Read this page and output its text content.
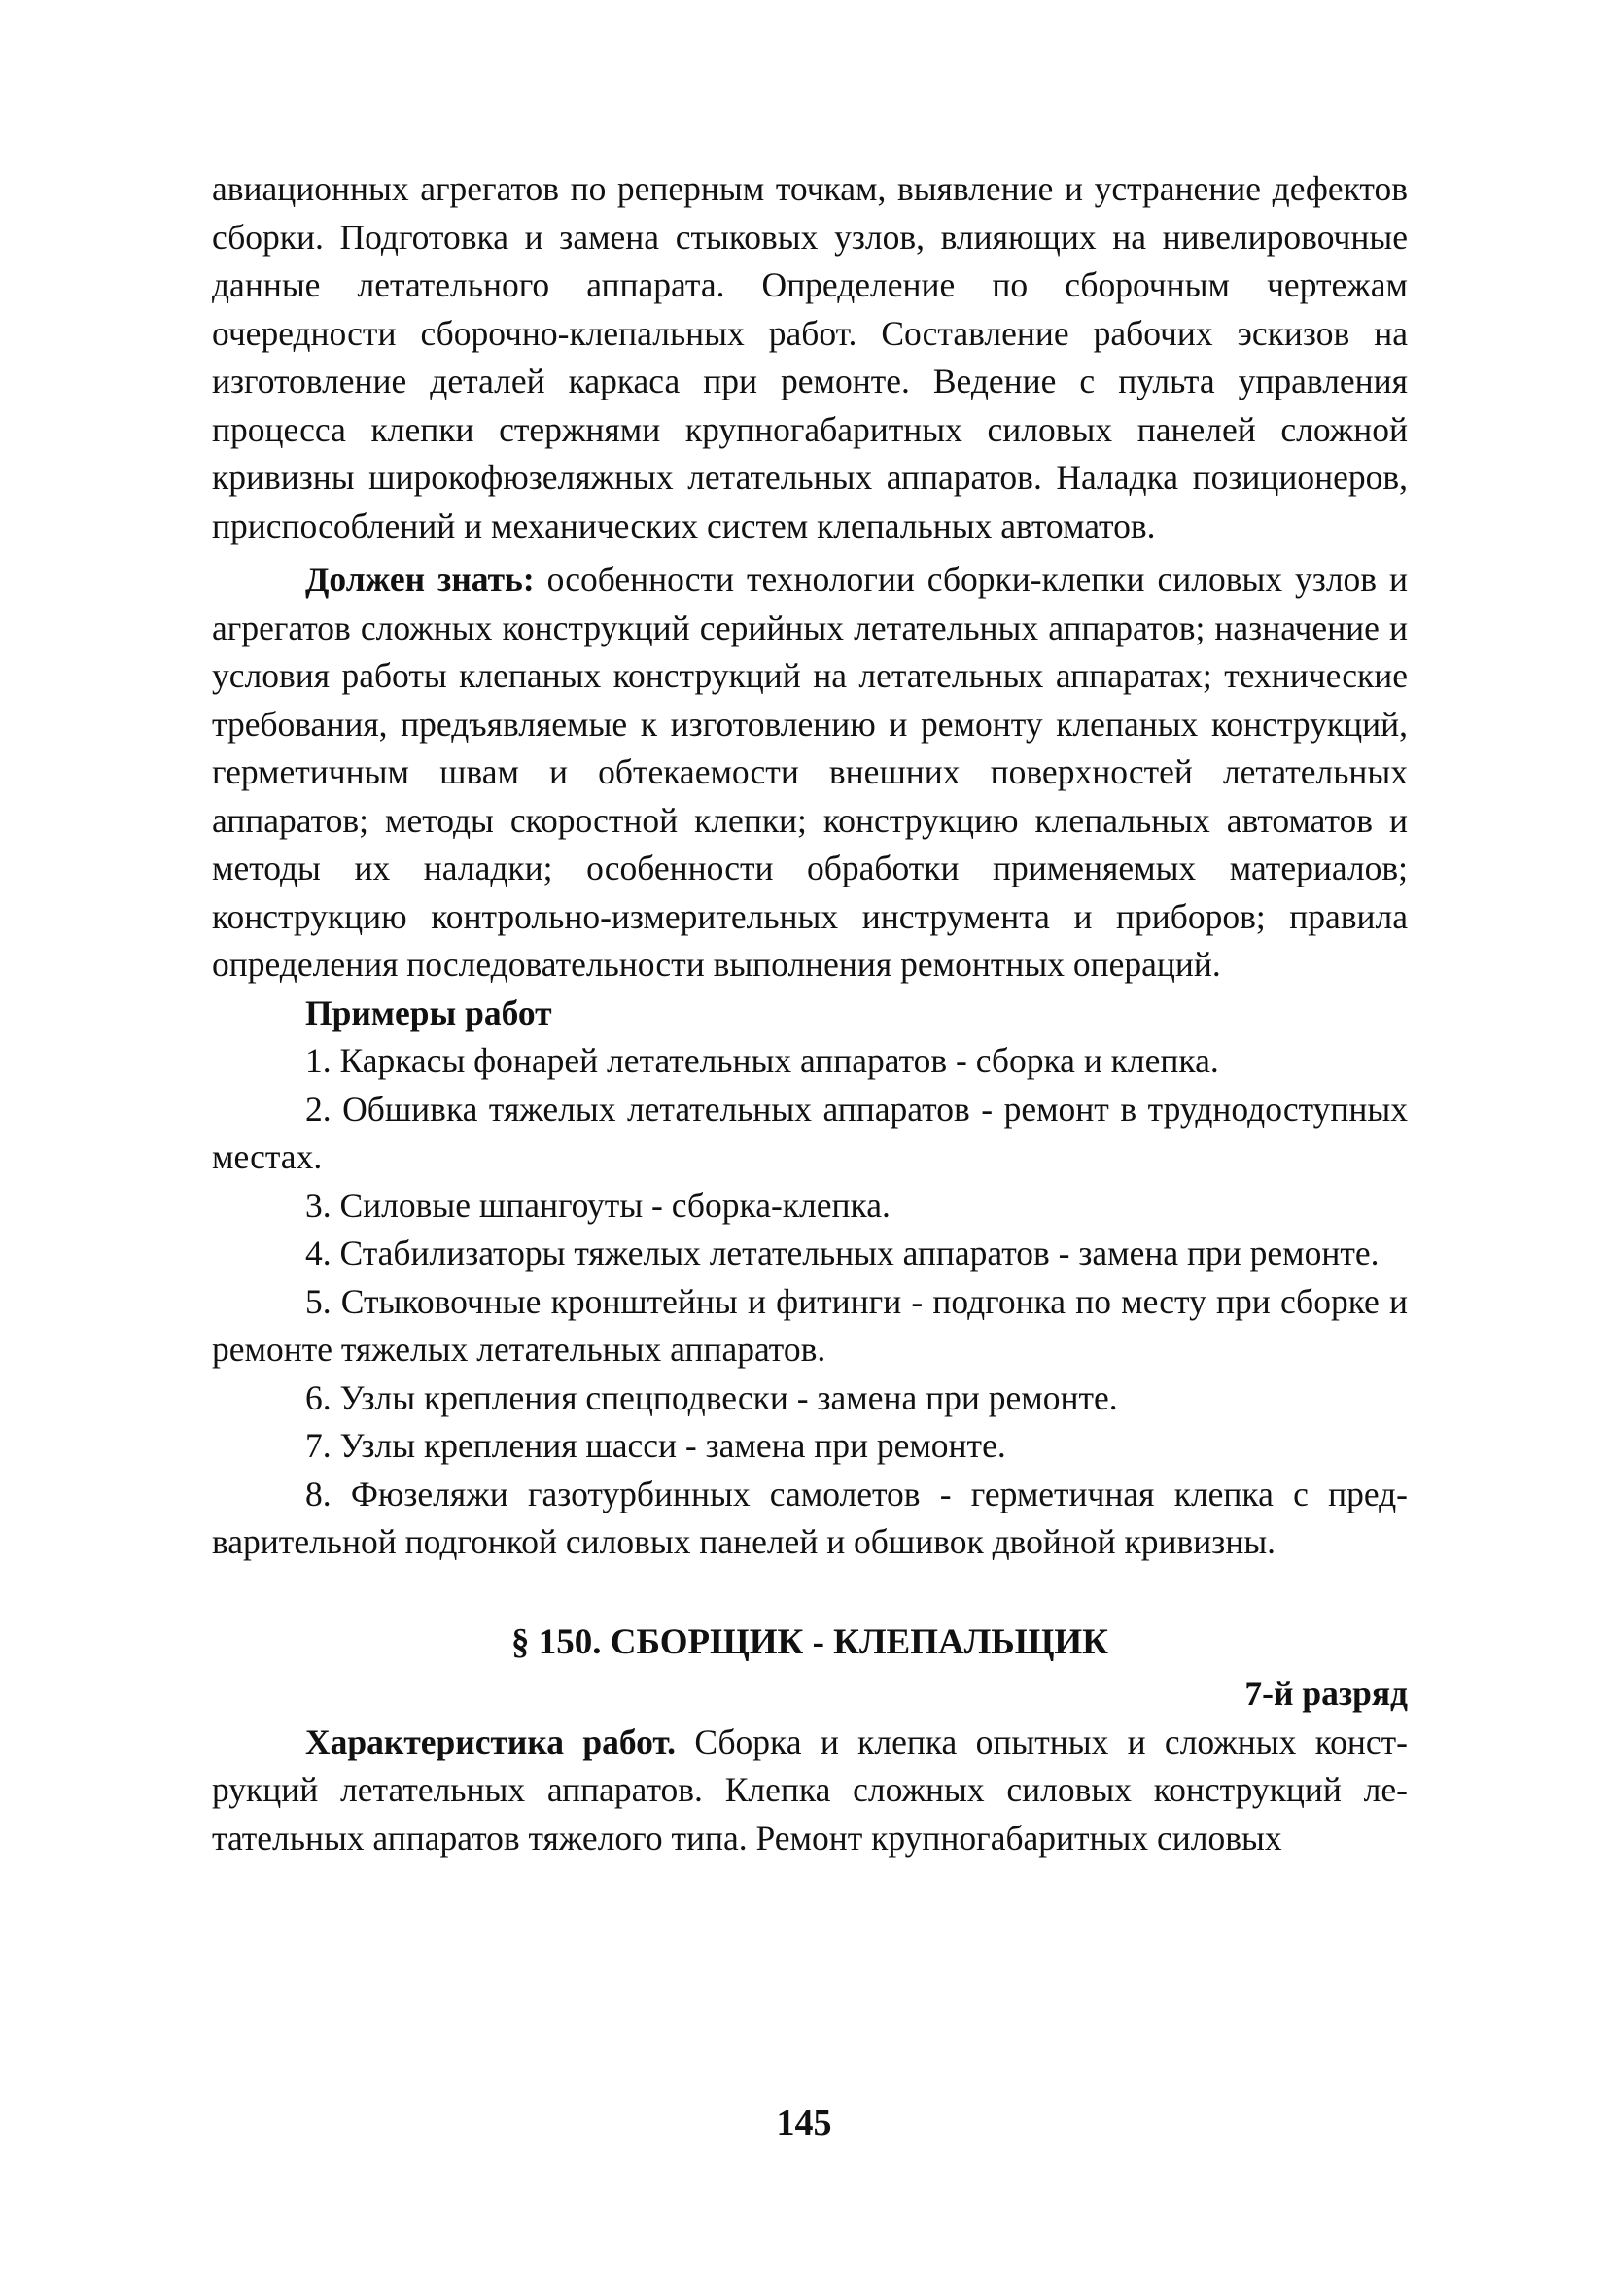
авиационных агрегатов по реперным точкам, выявление и устранение дефектов сборки. Подготовка и замена стыковых узлов, влияющих на нивелировочные данные летательного аппарата. Определение по сборочным чертежам очередности сборочно-клепальных работ. Составление рабочих эскизов на изготовление деталей каркаса при ремонте. Ведение с пульта управления процесса клепки стержнями крупногабаритных силовых панелей сложной кривизны широкофюзеляжных летательных аппаратов. Наладка позиционеров, приспособлений и механических систем клепальных автоматов.

Должен знать: особенности технологии сборки-клепки силовых узлов и агрегатов сложных конструкций серийных летательных аппаратов; назначение и условия работы клепаных конструкций на летательных аппаратах; технические требования, предъявляемые к изготовлению и ремонту клепаных конструкций, герметичным швам и обтекаемости внешних поверхностей летательных аппаратов; методы скоростной клепки; конструкцию клепальных автоматов и методы их наладки; особенности обработки применяемых материалов; конструкцию контрольно-измерительных инструмента и приборов; правила определения последовательности выполнения ремонтных операций.

Примеры работ

1. Каркасы фонарей летательных аппаратов - сборка и клепка.

2. Обшивка тяжелых летательных аппаратов - ремонт в труднодоступных местах.

3. Силовые шпангоуты - сборка-клепка.

4. Стабилизаторы тяжелых летательных аппаратов - замена при ремонте.

5. Стыковочные кронштейны и фитинги - подгонка по месту при сборке и ремонте тяжелых летательных аппаратов.

6. Узлы крепления спецподвески - замена при ремонте.

7. Узлы крепления шасси - замена при ремонте.

8. Фюзеляжи газотурбинных самолетов - герметичная клепка с предварительной подгонкой силовых панелей и обшивок двойной кривизны.

§ 150. СБОРЩИК - КЛЕПАЛЬЩИК

7-й разряд

Характеристика работ. Сборка и клепка опытных и сложных конструкций летательных аппаратов. Клепка сложных силовых конструкций летательных аппаратов тяжелого типа. Ремонт крупногабаритных силовых

145
